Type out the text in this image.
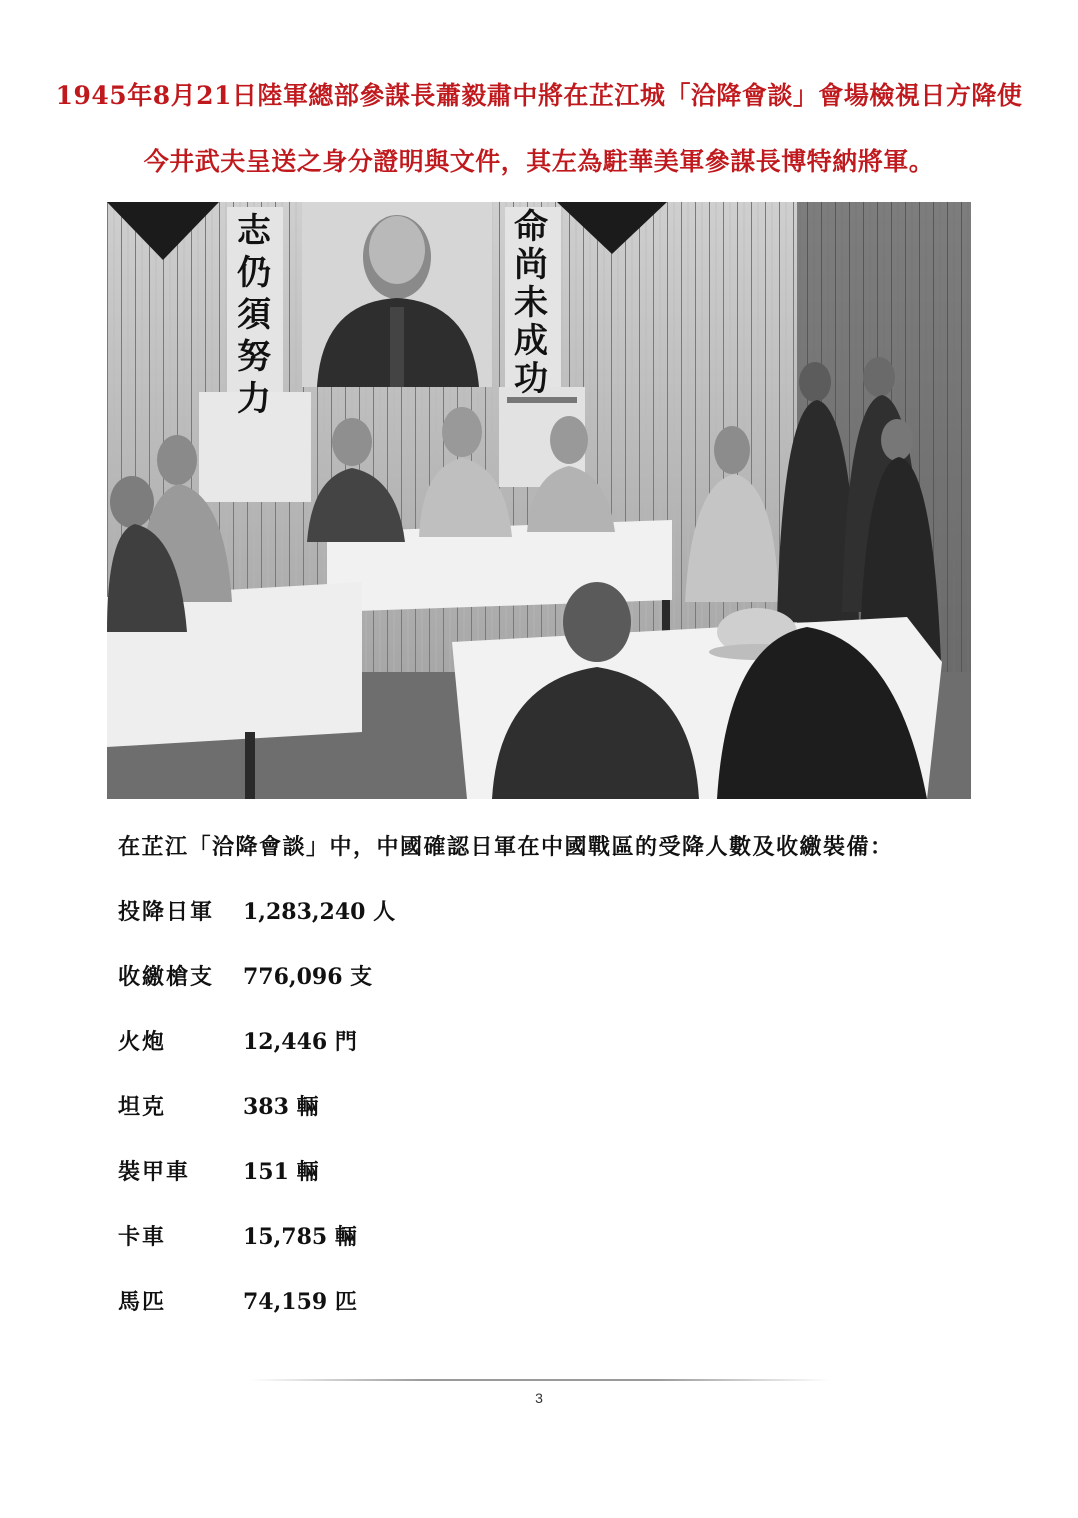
1945年8月21日陸軍總部參謀長蕭毅肅中將在芷江城「洽降會談」會場檢視日方降使
今井武夫呈送之身分證明與文件，其左為駐華美軍參謀長博特納將軍。
志仍須努力
命尚未成功
在芷江「洽降會談」中，中國確認日軍在中國戰區的受降人數及收繳裝備：
投降日軍 1,283,240 人
收繳槍支 776,096 支
火炮	12,446 門
坦克	383 輛
裝甲車 151 輛
卡車	15,785 輛
馬匹	74,159 匹
3
